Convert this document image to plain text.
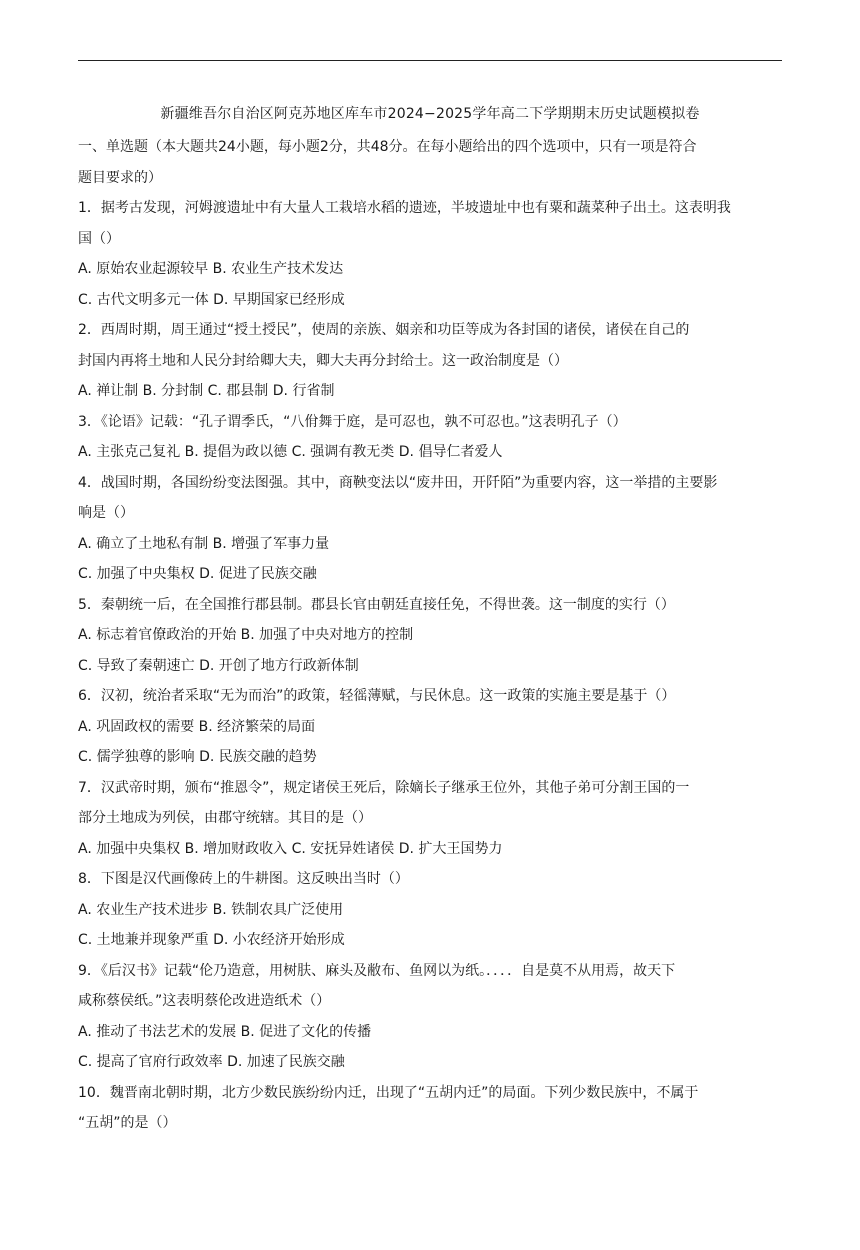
新疆维吾尔自治区阿克苏地区库车市2024−2025学年高二下学期期末历史试题模拟卷
一、单选题（本大题共24小题，每小题2分，共48分。在每小题给出的四个选项中，只有一项是符合
题目要求的）
1．据考古发现，河姆渡遗址中有大量人工栽培水稻的遗迹，半坡遗址中也有粟和蔬菜种子出土。这表明我
国（）
A. 原始农业起源较早 B. 农业生产技术发达
C. 古代文明多元一体 D. 早期国家已经形成
2．西周时期，周王通过“授土授民”，使周的亲族、姻亲和功臣等成为各封国的诸侯，诸侯在自己的
封国内再将土地和人民分封给卿大夫，卿大夫再分封给士。这一政治制度是（）
A. 禅让制 B. 分封制 C. 郡县制 D. 行省制
3．《论语》记载：“孔子谓季氏，“八佾舞于庭，是可忍也，孰不可忍也。”这表明孔子（）
A. 主张克己复礼 B. 提倡为政以德 C. 强调有教无类 D. 倡导仁者爱人
4．战国时期，各国纷纷变法图强。其中，商鞅变法以“废井田，开阡陌”为重要内容，这一举措的主要影
响是（）
A. 确立了土地私有制 B. 增强了军事力量
C. 加强了中央集权 D. 促进了民族交融
5．秦朝统一后，在全国推行郡县制。郡县长官由朝廷直接任免，不得世袭。这一制度的实行（）
A. 标志着官僚政治的开始 B. 加强了中央对地方的控制
C. 导致了秦朝速亡 D. 开创了地方行政新体制
6．汉初，统治者采取“无为而治”的政策，轻徭薄赋，与民休息。这一政策的实施主要是基于（）
A. 巩固政权的需要 B. 经济繁荣的局面
C. 儒学独尊的影响 D. 民族交融的趋势
7．汉武帝时期，颁布“推恩令”，规定诸侯王死后，除嫡长子继承王位外，其他子弟可分割王国的一
部分土地成为列侯，由郡守统辖。其目的是（）
A. 加强中央集权 B. 增加财政收入 C. 安抚异姓诸侯 D. 扩大王国势力
8．下图是汉代画像砖上的牛耕图。这反映出当时（）
A. 农业生产技术进步 B. 铁制农具广泛使用
C. 土地兼并现象严重 D. 小农经济开始形成
9．《后汉书》记载“伦乃造意，用树肤、麻头及敝布、鱼网以为纸。．．．．自是莫不从用焉，故天下
咸称蔡侯纸。”这表明蔡伦改进造纸术（）
A. 推动了书法艺术的发展 B. 促进了文化的传播
C. 提高了官府行政效率 D. 加速了民族交融
10．魏晋南北朝时期，北方少数民族纷纷内迁，出现了“五胡内迁”的局面。下列少数民族中，不属于
“五胡”的是（）
